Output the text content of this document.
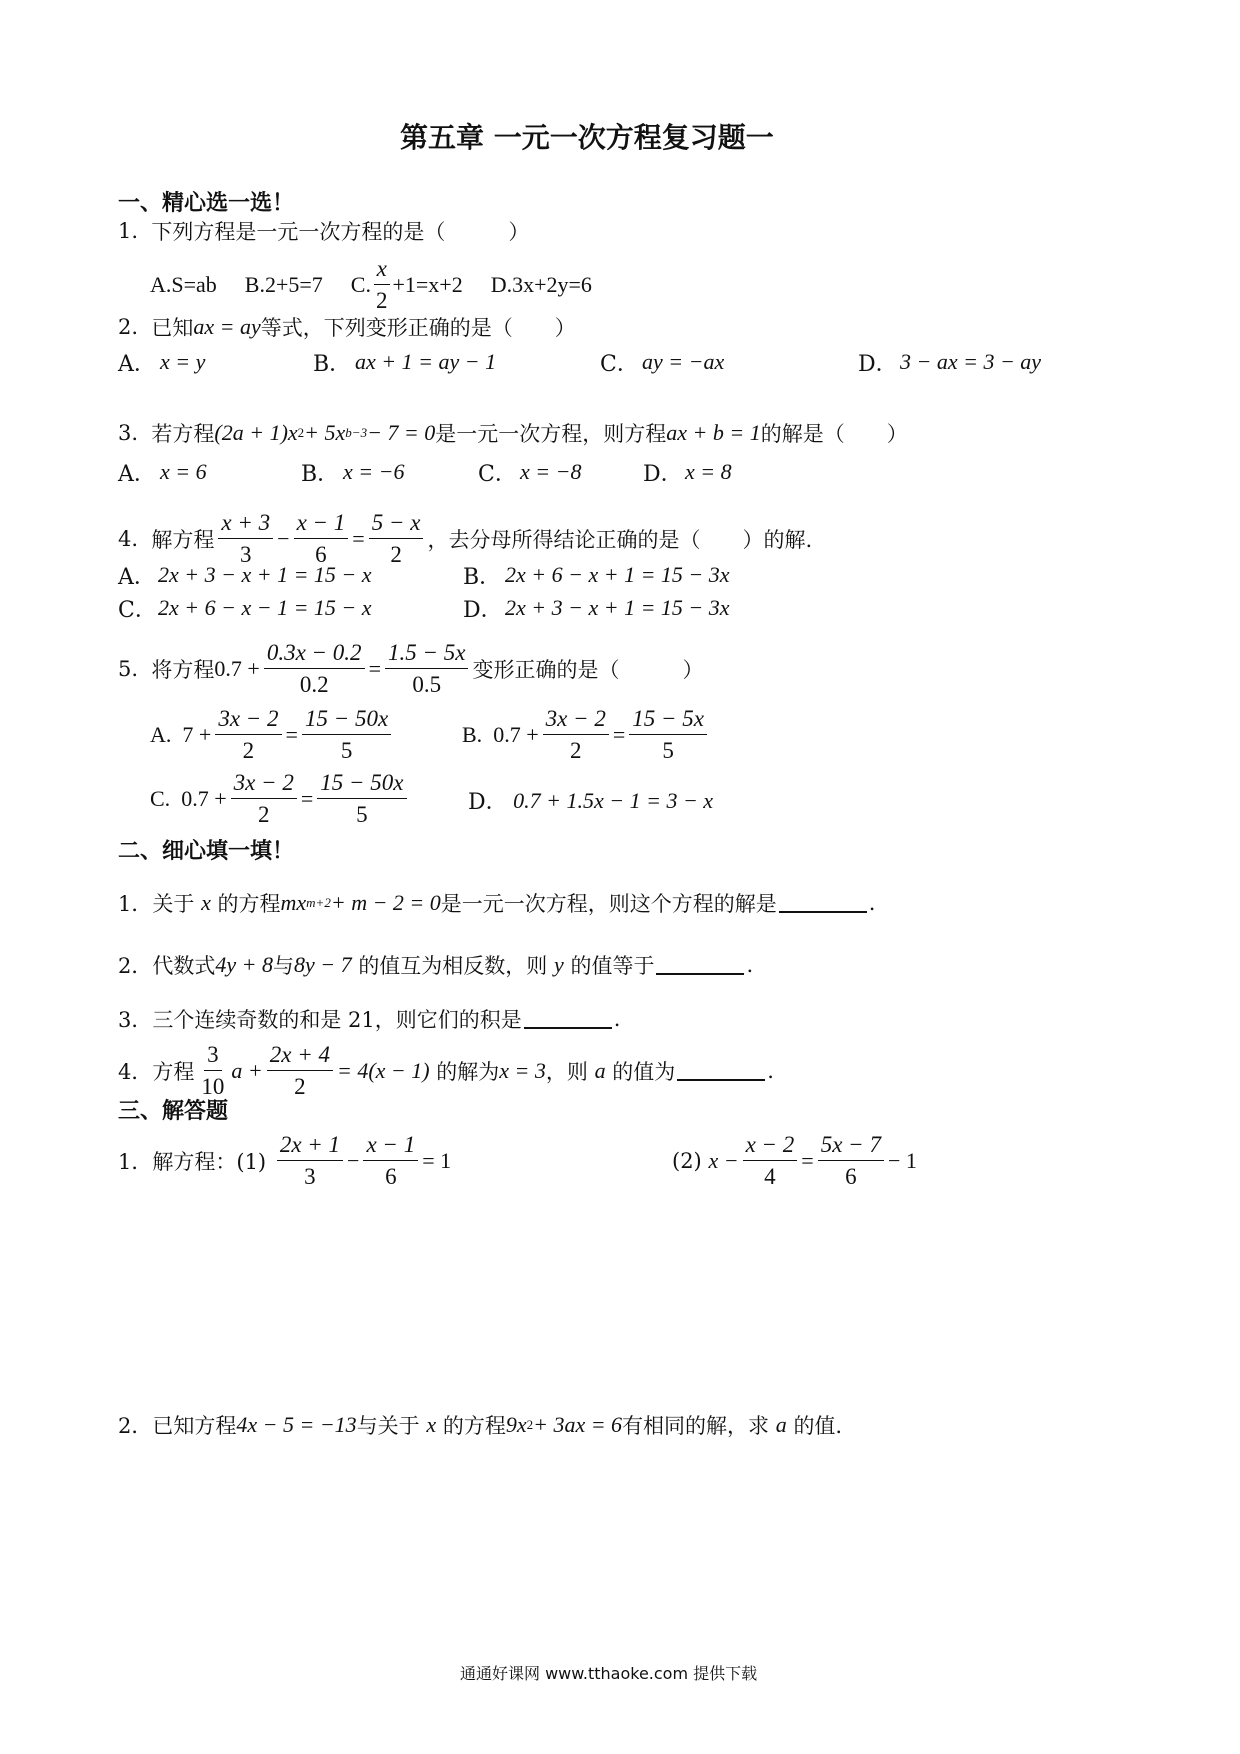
第五章 一元一次方程复习题一
一、精心选一选！
1.
下列方程是一元一次方程的是（　　　）
A.S=ab B.2+5=7 C. $\frac{x}{2} +1=x+2$ D.3x+2y=6
2.
已知 ax = ay 等式，下列变形正确的是（　　）
A． x = y	B． ax + 1 = ay − 1	C． ay = −ax	D． 3 − ax = 3 − ay
3.
若方程 (2a + 1)x 2 + 5x b−3 − 7 = 0 是一元一次方程，则方程 ax + b = 1 的解是（　　）
A． x = 6	B． x = −6	C． x = −8	D． x = 8
4.
解方程 $\frac{x + 3}{3} - \frac{x - 1}{6} = \frac{5 - x}{2}$ ，去分母所得结论正确的是（　　）的解.
A． 2x + 3 − x + 1 = 15 − x	B． 2x + 6 − x + 1 = 15 − 3x
C． 2x + 6 − x − 1 = 15 − x	D． 2x + 3 − x + 1 = 15 − 3x
5.
将方程 $0.7 + \frac{0.3x - 0.2}{0.2} = \frac{1.5 - 5x}{0.5}$ 变形正确的是（　　　）
A.
$7 + \frac{3x - 2}{2} = \frac{15 - 50x}{5}$	B.
$0.7 + \frac{3x - 2}{2} = \frac{15 - 5x}{5}$
C.
$0.7 + \frac{3x - 2}{2} = \frac{15 - 50x}{5}$	D．
0.7 + 1.5x − 1 = 3 − x
二、细心填一填！
1． 关于
x
的方程 mx m+2 + m − 2 = 0 是一元一次方程，则这个方程的解是	.
2． 代数式 4y + 8 与 8y − 7
的值互为相反数，则
y
的值等于	.
3． 三个连续奇数的和是 21，则它们的积是	.
4． 方程 $\frac{3}{10}$ $a + \frac{2x + 4}{2} = 4(x - 1)$
的解为 x = 3 ，则
a
的值为	.
三、解答题
1． 解方程：(1)
$\frac{2x + 1}{3} - \frac{x - 1}{6} = 1$	(2)
$x - \frac{x - 2}{4} = \frac{5x - 7}{6} - 1$
2． 已知方程 4x − 5 = −13 与关于
x
的方程 9x 2 + 3ax = 6 有相同的解，求
a
的值.
通通好课网 www.tthaoke.com 提供下载
